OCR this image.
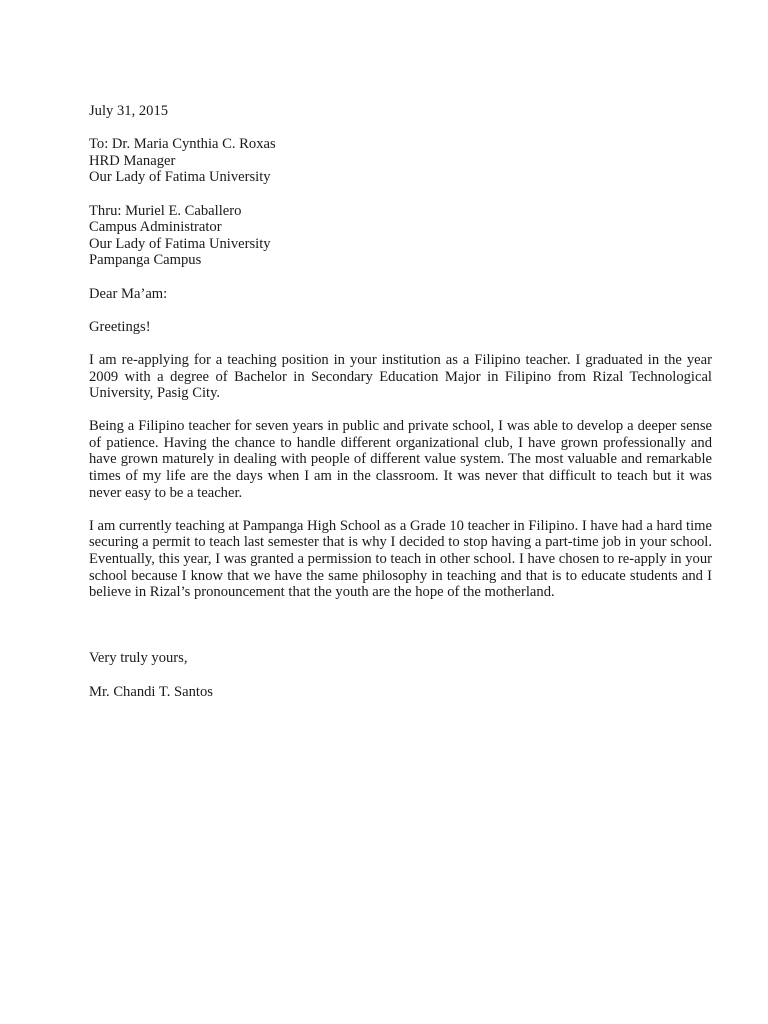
July 31, 2015
To: Dr. Maria Cynthia C. Roxas
HRD Manager
Our Lady of Fatima University
Thru: Muriel E. Caballero
Campus Administrator
Our Lady of Fatima University
Pampanga Campus
Dear Ma’am:
Greetings!

I am re-applying for a teaching position in your institution as a Filipino teacher. I graduated in the year 2009 with a degree of Bachelor in Secondary Education Major in Filipino from Rizal Technological University, Pasig City.

Being a Filipino teacher for seven years in public and private school, I was able to develop a deeper sense of patience. Having the chance to handle different organizational club, I have grown professionally and have grown maturely in dealing with people of different value system. The most valuable and remarkable times of my life are the days when I am in the classroom. It was never that difficult to teach but it was never easy to be a teacher.

I am currently teaching at Pampanga High School as a Grade 10 teacher in Filipino. I have had a hard time securing a permit to teach last semester that is why I decided to stop having a part-time job in your school. Eventually, this year, I was granted a permission to teach in other school. I have chosen to re-apply in your school because I know that we have the same philosophy in teaching and that is to educate students and I believe in Rizal’s pronouncement that the youth are the hope of the motherland.

Very truly yours,
Mr. Chandi T. Santos
